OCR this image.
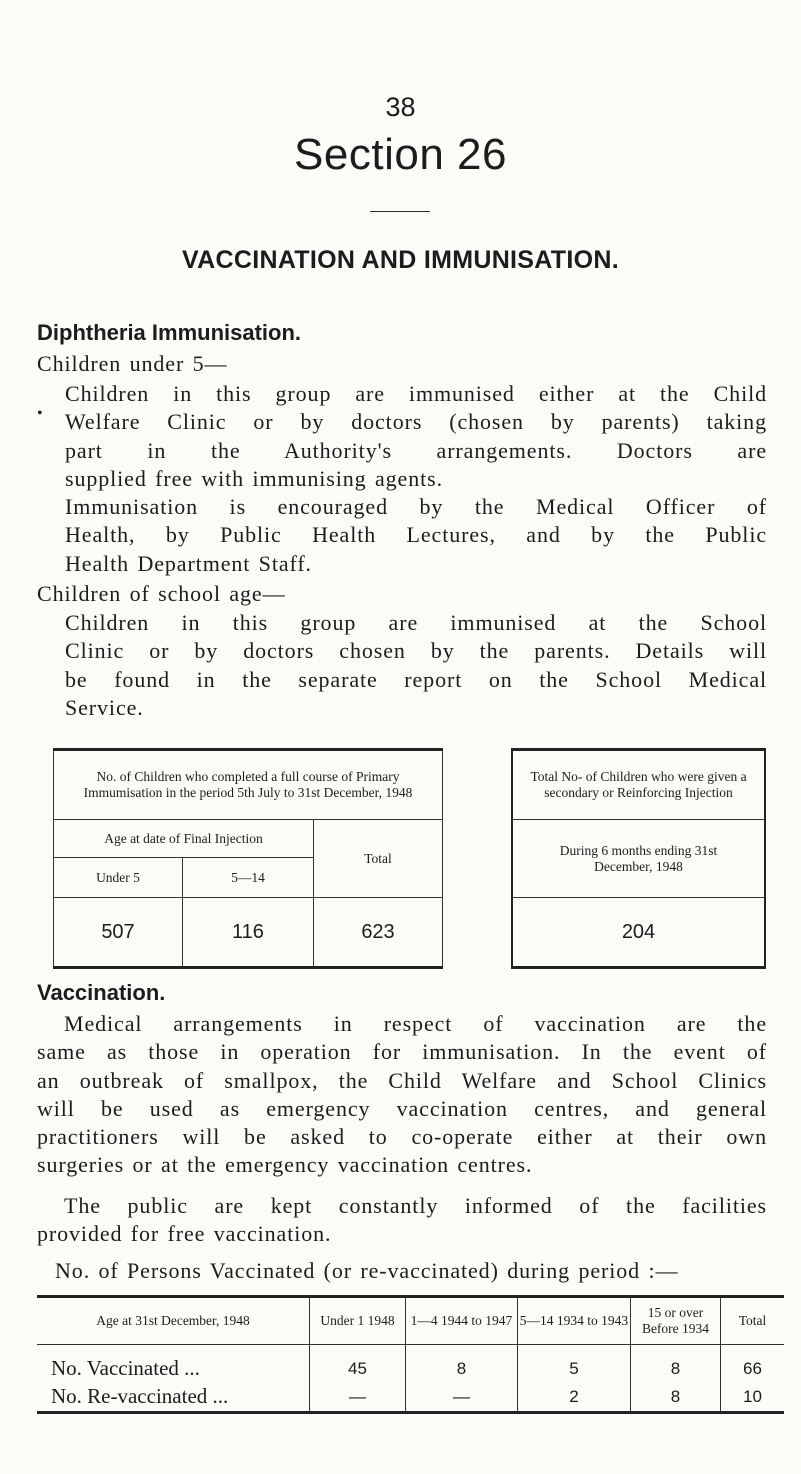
38
Section 26
VACCINATION AND IMMUNISATION.
Diphtheria Immunisation.
Children under 5—
•
Children in this group are immunised either at the Child
Welfare Clinic or by doctors (chosen by parents) taking
part in the Authority's arrangements. Doctors are
supplied free with immunising agents.
Immunisation is encouraged by the Medical Officer of
Health, by Public Health Lectures, and by the Public
Health Department Staff.
Children of school age—
Children in this group are immunised at the School
Clinic or by doctors chosen by the parents. Details will
be found in the separate report on the School Medical
Service.
No. of Children who completed a full course of Primary Immumisation in the period 5th July to 31st December, 1948		
Age at date of Final Injection		Total
Under 5	5—14	
507	116	623
Total No- of Children who were given a secondary or Reinforcing Injection
During 6 months ending 31st December, 1948
204
Vaccination.
Medical arrangements in respect of vaccination are the
same as those in operation for immunisation. In the event of
an outbreak of smallpox, the Child Welfare and School Clinics
will be used as emergency vaccination centres, and general
practitioners will be asked to co-operate either at their own
surgeries or at the emergency vaccination centres.
The public are kept constantly informed of the facilities
provided for free vaccination.
No. of Persons Vaccinated (or re-vaccinated) during period :—
Age at 31st December, 1948	Under 1 1948	1—4 1944 to 1947	5—14 1934 to 1943	15 or over Before 1934	Total
No. Vaccinated ...	45	8	5	8	66
No. Re-vaccinated ...	—	—	2	8	10
